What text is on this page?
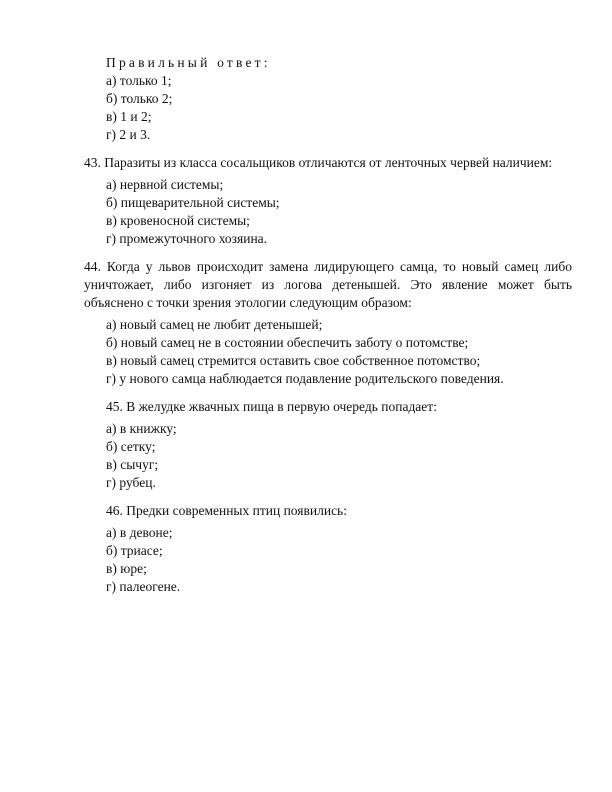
Правильный ответ:

а) только 1;

б) только 2;

в) 1 и 2;

г) 2 и 3.

43. Паразиты из класса сосальщиков отличаются от ленточных червей наличием:

а) нервной системы;

б) пищеварительной системы;

в) кровеносной системы;

г) промежуточного хозяина.

44. Когда у львов происходит замена лидирующего самца, то новый самец либо уничтожает, либо изгоняет из логова детенышей. Это явление может быть объяснено с точки зрения этологии следующим образом:

а) новый самец не любит детенышей;

б) новый самец не в состоянии обеспечить заботу о потомстве;

в) новый самец стремится оставить свое собственное потомство;

г) у нового самца наблюдается подавление родительского поведения.

45. В желудке жвачных пища в первую очередь попадает:

а) в книжку;

б) сетку;

в) сычуг;

г) рубец.

46. Предки современных птиц появились:

а) в девоне;

б) триасе;

в) юре;

г) палеогене.
